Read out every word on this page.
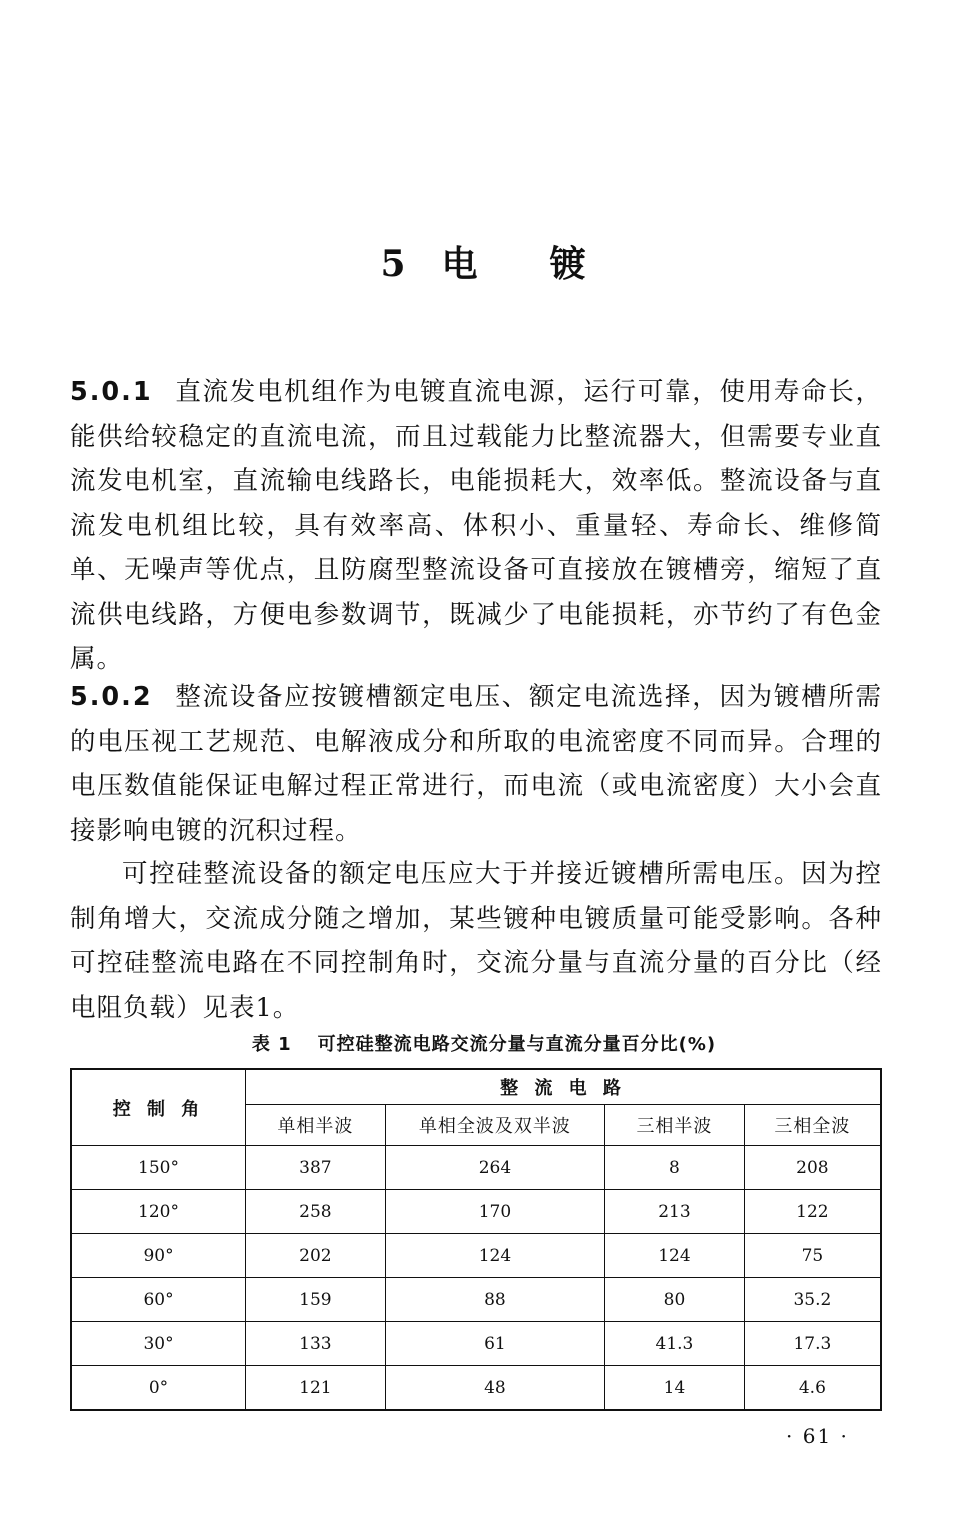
5 电 镀

5.0.1 直流发电机组作为电镀直流电源，运行可靠，使用寿命长，能供给较稳定的直流电流，而且过载能力比整流器大，但需要专业直流发电机室，直流输电线路长，电能损耗大，效率低。整流设备与直流发电机组比较，具有效率高、体积小、重量轻、寿命长、维修简单、无噪声等优点，且防腐型整流设备可直接放在镀槽旁，缩短了直流供电线路，方便电参数调节，既减少了电能损耗，亦节约了有色金属。

5.0.2 整流设备应按镀槽额定电压、额定电流选择，因为镀槽所需的电压视工艺规范、电解液成分和所取的电流密度不同而异。合理的电压数值能保证电解过程正常进行，而电流（或电流密度）大小会直接影响电镀的沉积过程。

可控硅整流设备的额定电压应大于并接近镀槽所需电压。因为控制角增大，交流成分随之增加，某些镀种电镀质量可能受影响。各种可控硅整流电路在不同控制角时，交流分量与直流分量的百分比（经电阻负载）见表1。

表 1 可控硅整流电路交流分量与直流分量百分比(%)
控 制 角	整 流 电 路			
	单相半波	单相全波及双半波	三相半波	三相全波
150°	387	264	8	208
120°	258	170	213	122
90°	202	124	124	75
60°	159	88	80	35.2
30°	133	61	41.3	17.3
0°	121	48	14	4.6
· 61 ·
